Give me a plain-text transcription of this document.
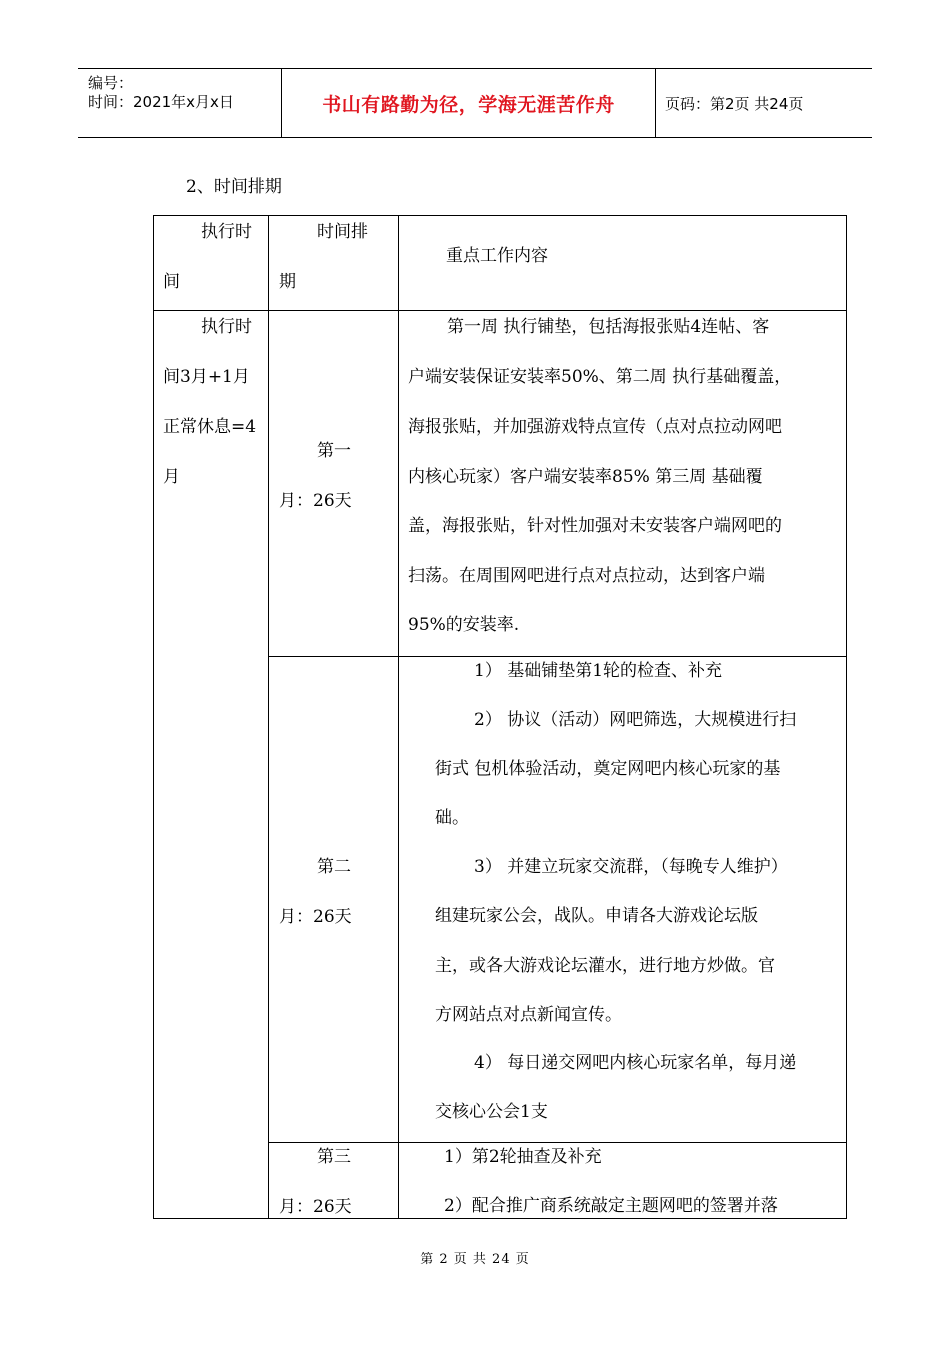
编号：
时间：2021年x月x日	书山有路勤为径，学海无涯苦作舟	页码：第2页 共24页
2、时间排期
执行时
间
时间排
期
重点工作内容
执行时
间3月+1月
正常休息=4
月
第一
月：26天
第一周 执行铺垫，包括海报张贴4连帖、客
户端安装保证安装率50%、第二周 执行基础覆盖，
海报张贴，并加强游戏特点宣传（点对点拉动网吧
内核心玩家）客户端安装率85% 第三周 基础覆
盖，海报张贴，针对性加强对未安装客户端网吧的
扫荡。在周围网吧进行点对点拉动，达到客户端
95%的安装率.
第二
月：26天
1） 基础铺垫第1轮的检查、补充
2） 协议（活动）网吧筛选，大规模进行扫
街式 包机体验活动，奠定网吧内核心玩家的基
础。
3） 并建立玩家交流群，（每晚专人维护）
组建玩家公会，战队。申请各大游戏论坛版
主，或各大游戏论坛灌水，进行地方炒做。官
方网站点对点新闻宣传。
4） 每日递交网吧内核心玩家名单，每月递
交核心公会1支
第三
月：26天
1）第2轮抽查及补充
2）配合推广商系统敲定主题网吧的签署并落
第 2 页 共 24 页
